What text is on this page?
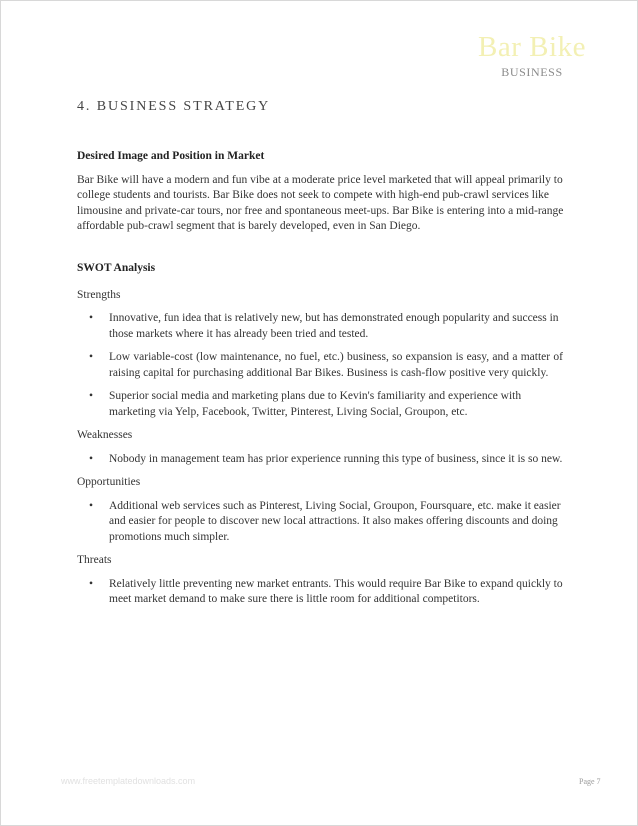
Bar Bike
BUSINESS
4. BUSINESS STRATEGY

Desired Image and Position in Market

Bar Bike will have a modern and fun vibe at a moderate price level marketed that will appeal primarily to college students and tourists. Bar Bike does not seek to compete with high-end pub-crawl services like limousine and private-car tours, nor free and spontaneous meet-ups. Bar Bike is entering into a mid-range affordable pub-crawl segment that is barely developed, even in San Diego.

SWOT Analysis

Strengths

• Innovative, fun idea that is relatively new, but has demonstrated enough popularity and success in those markets where it has already been tried and tested.
• Low variable-cost (low maintenance, no fuel, etc.) business, so expansion is easy, and a matter of raising capital for purchasing additional Bar Bikes. Business is cash-flow positive very quickly.
• Superior social media and marketing plans due to Kevin's familiarity and experience with marketing via Yelp, Facebook, Twitter, Pinterest, Living Social, Groupon, etc.

Weaknesses

• Nobody in management team has prior experience running this type of business, since it is so new.

Opportunities

• Additional web services such as Pinterest, Living Social, Groupon, Foursquare, etc. make it easier and easier for people to discover new local attractions. It also makes offering discounts and doing promotions much simpler.

Threats

• Relatively little preventing new market entrants. This would require Bar Bike to expand quickly to meet market demand to make sure there is little room for additional competitors.
www.freetemplatedownloads.com	Page 7
